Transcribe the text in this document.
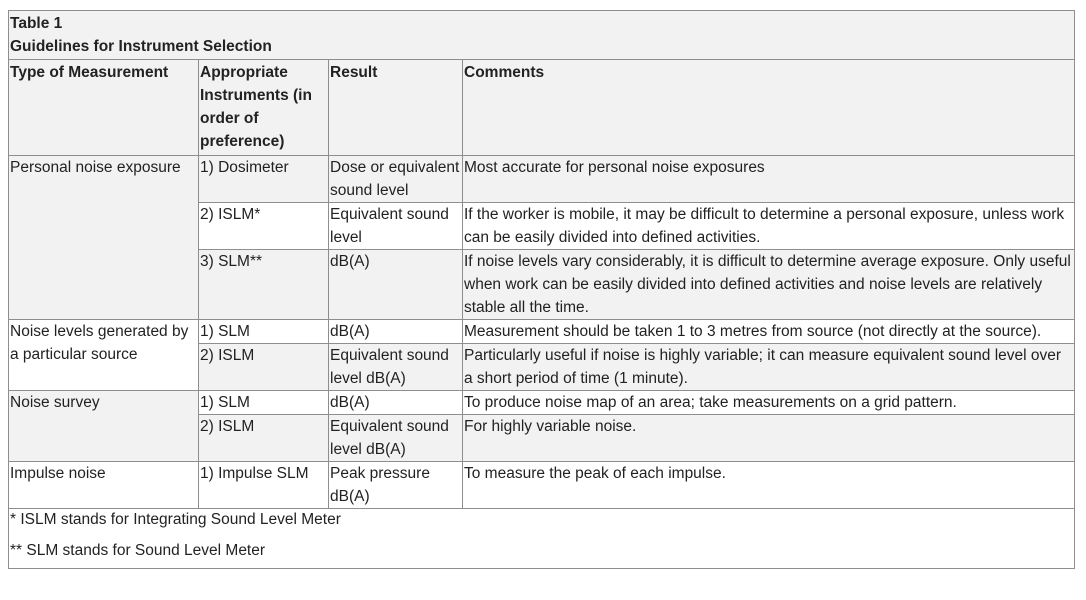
Table 1
Guidelines for Instrument Selection			

Type of Measurement	Appropriate Instruments (in order of preference)	Result	Comments
Personal noise exposure	1) Dosimeter	Dose or equivalent sound level	Most accurate for personal noise exposures
	2) ISLM*	Equivalent sound level	If the worker is mobile, it may be difficult to determine a personal exposure, unless work can be easily divided into defined activities.
	3) SLM**	dB(A)	If noise levels vary considerably, it is difficult to determine average exposure. Only useful when work can be easily divided into defined activities and noise levels are relatively stable all the time.
Noise levels generated by a particular source	1) SLM	dB(A)	Measurement should be taken 1 to 3 metres from source (not directly at the source).
	2) ISLM	Equivalent sound level dB(A)	Particularly useful if noise is highly variable; it can measure equivalent sound level over a short period of time (1 minute).
Noise survey	1) SLM	dB(A)	To produce noise map of an area; take measurements on a grid pattern.
	2) ISLM	Equivalent sound level dB(A)	For highly variable noise.
Impulse noise	1) Impulse SLM	Peak pressure dB(A)	To measure the peak of each impulse.

* ISLM stands for Integrating Sound Level Meter
** SLM stands for Sound Level Meter			
